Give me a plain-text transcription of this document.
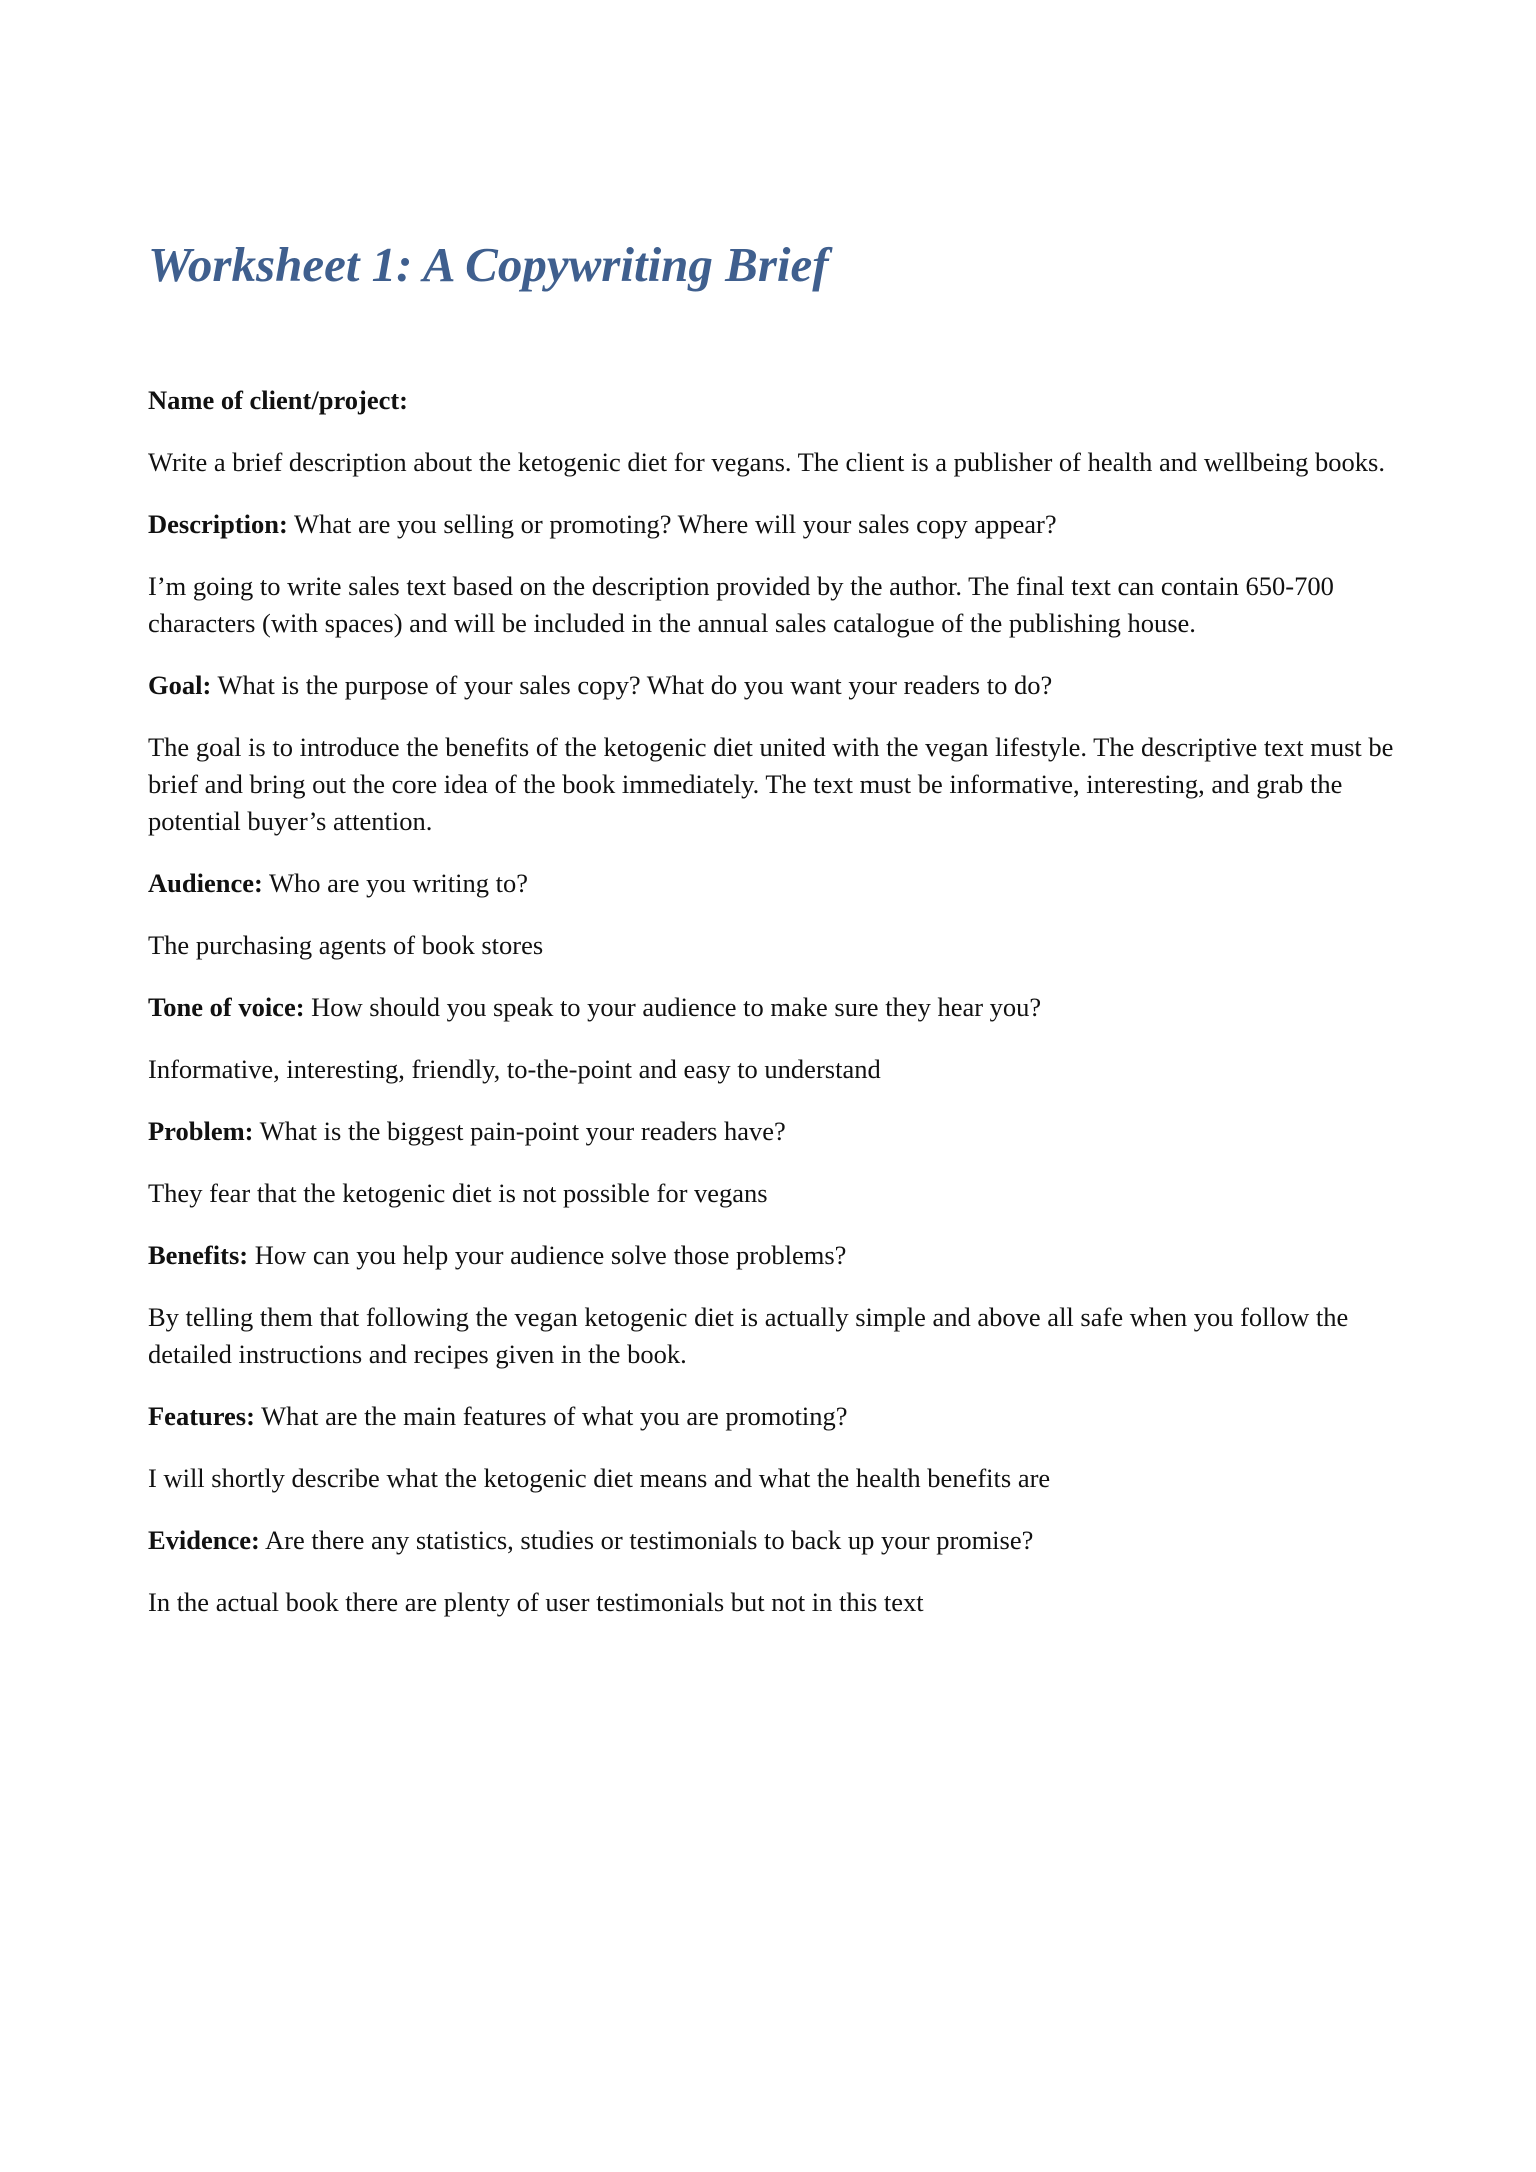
Worksheet 1: A Copywriting Brief

Name of client/project:

Write a brief description about the ketogenic diet for vegans. The client is a publisher of health and wellbeing books.

Description: What are you selling or promoting? Where will your sales copy appear?

I’m going to write sales text based on the description provided by the author. The final text can contain 650-700 characters (with spaces) and will be included in the annual sales catalogue of the publishing house.

Goal: What is the purpose of your sales copy? What do you want your readers to do?

The goal is to introduce the benefits of the ketogenic diet united with the vegan lifestyle. The descriptive text must be brief and bring out the core idea of the book immediately. The text must be informative, interesting, and grab the potential buyer’s attention.

Audience: Who are you writing to?

The purchasing agents of book stores

Tone of voice: How should you speak to your audience to make sure they hear you?

Informative, interesting, friendly, to-the-point and easy to understand

Problem: What is the biggest pain-point your readers have?

They fear that the ketogenic diet is not possible for vegans

Benefits: How can you help your audience solve those problems?

By telling them that following the vegan ketogenic diet is actually simple and above all safe when you follow the detailed instructions and recipes given in the book.

Features: What are the main features of what you are promoting?

I will shortly describe what the ketogenic diet means and what the health benefits are

Evidence: Are there any statistics, studies or testimonials to back up your promise?

In the actual book there are plenty of user testimonials but not in this text
